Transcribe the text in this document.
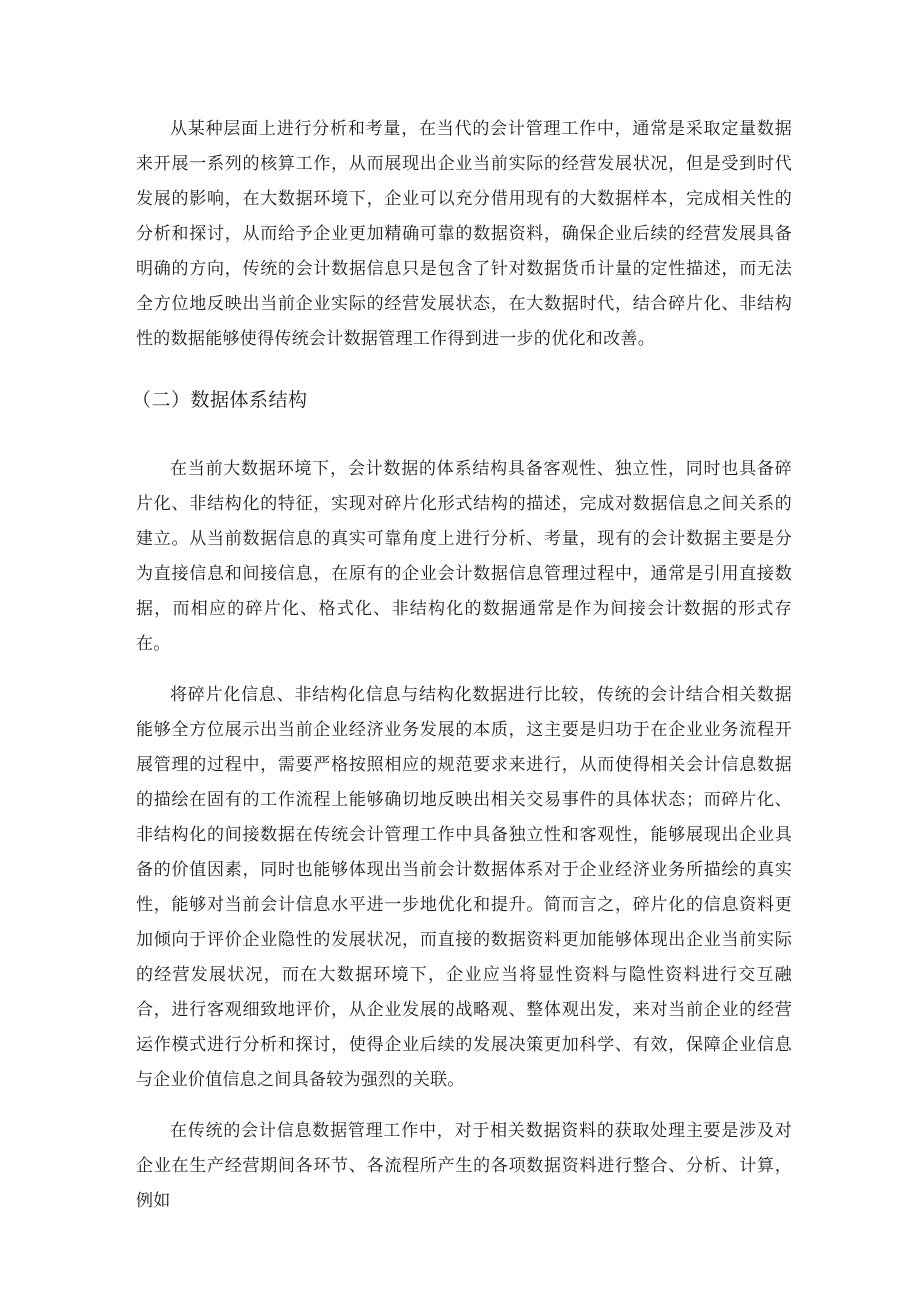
从某种层面上进行分析和考量，在当代的会计管理工作中，通常是采取定量数据来开展一系列的核算工作，从而展现出企业当前实际的经营发展状况，但是受到时代发展的影响，在大数据环境下，企业可以充分借用现有的大数据样本，完成相关性的分析和探讨，从而给予企业更加精确可靠的数据资料，确保企业后续的经营发展具备明确的方向，传统的会计数据信息只是包含了针对数据货币计量的定性描述，而无法全方位地反映出当前企业实际的经营发展状态，在大数据时代，结合碎片化、非结构性的数据能够使得传统会计数据管理工作得到进一步的优化和改善。

（二）数据体系结构

在当前大数据环境下，会计数据的体系结构具备客观性、独立性，同时也具备碎片化、非结构化的特征，实现对碎片化形式结构的描述，完成对数据信息之间关系的建立。从当前数据信息的真实可靠角度上进行分析、考量，现有的会计数据主要是分为直接信息和间接信息，在原有的企业会计数据信息管理过程中，通常是引用直接数据，而相应的碎片化、格式化、非结构化的数据通常是作为间接会计数据的形式存在。

将碎片化信息、非结构化信息与结构化数据进行比较，传统的会计结合相关数据能够全方位展示出当前企业经济业务发展的本质，这主要是归功于在企业业务流程开展管理的过程中，需要严格按照相应的规范要求来进行，从而使得相关会计信息数据的描绘在固有的工作流程上能够确切地反映出相关交易事件的具体状态；而碎片化、非结构化的间接数据在传统会计管理工作中具备独立性和客观性，能够展现出企业具备的价值因素，同时也能够体现出当前会计数据体系对于企业经济业务所描绘的真实性，能够对当前会计信息水平进一步地优化和提升。简而言之，碎片化的信息资料更加倾向于评价企业隐性的发展状况，而直接的数据资料更加能够体现出企业当前实际的经营发展状况，而在大数据环境下，企业应当将显性资料与隐性资料进行交互融合，进行客观细致地评价，从企业发展的战略观、整体观出发，来对当前企业的经营运作模式进行分析和探讨，使得企业后续的发展决策更加科学、有效，保障企业信息与企业价值信息之间具备较为强烈的关联。

在传统的会计信息数据管理工作中，对于相关数据资料的获取处理主要是涉及对企业在生产经营期间各环节、各流程所产生的各项数据资料进行整合、分析、计算，例如
